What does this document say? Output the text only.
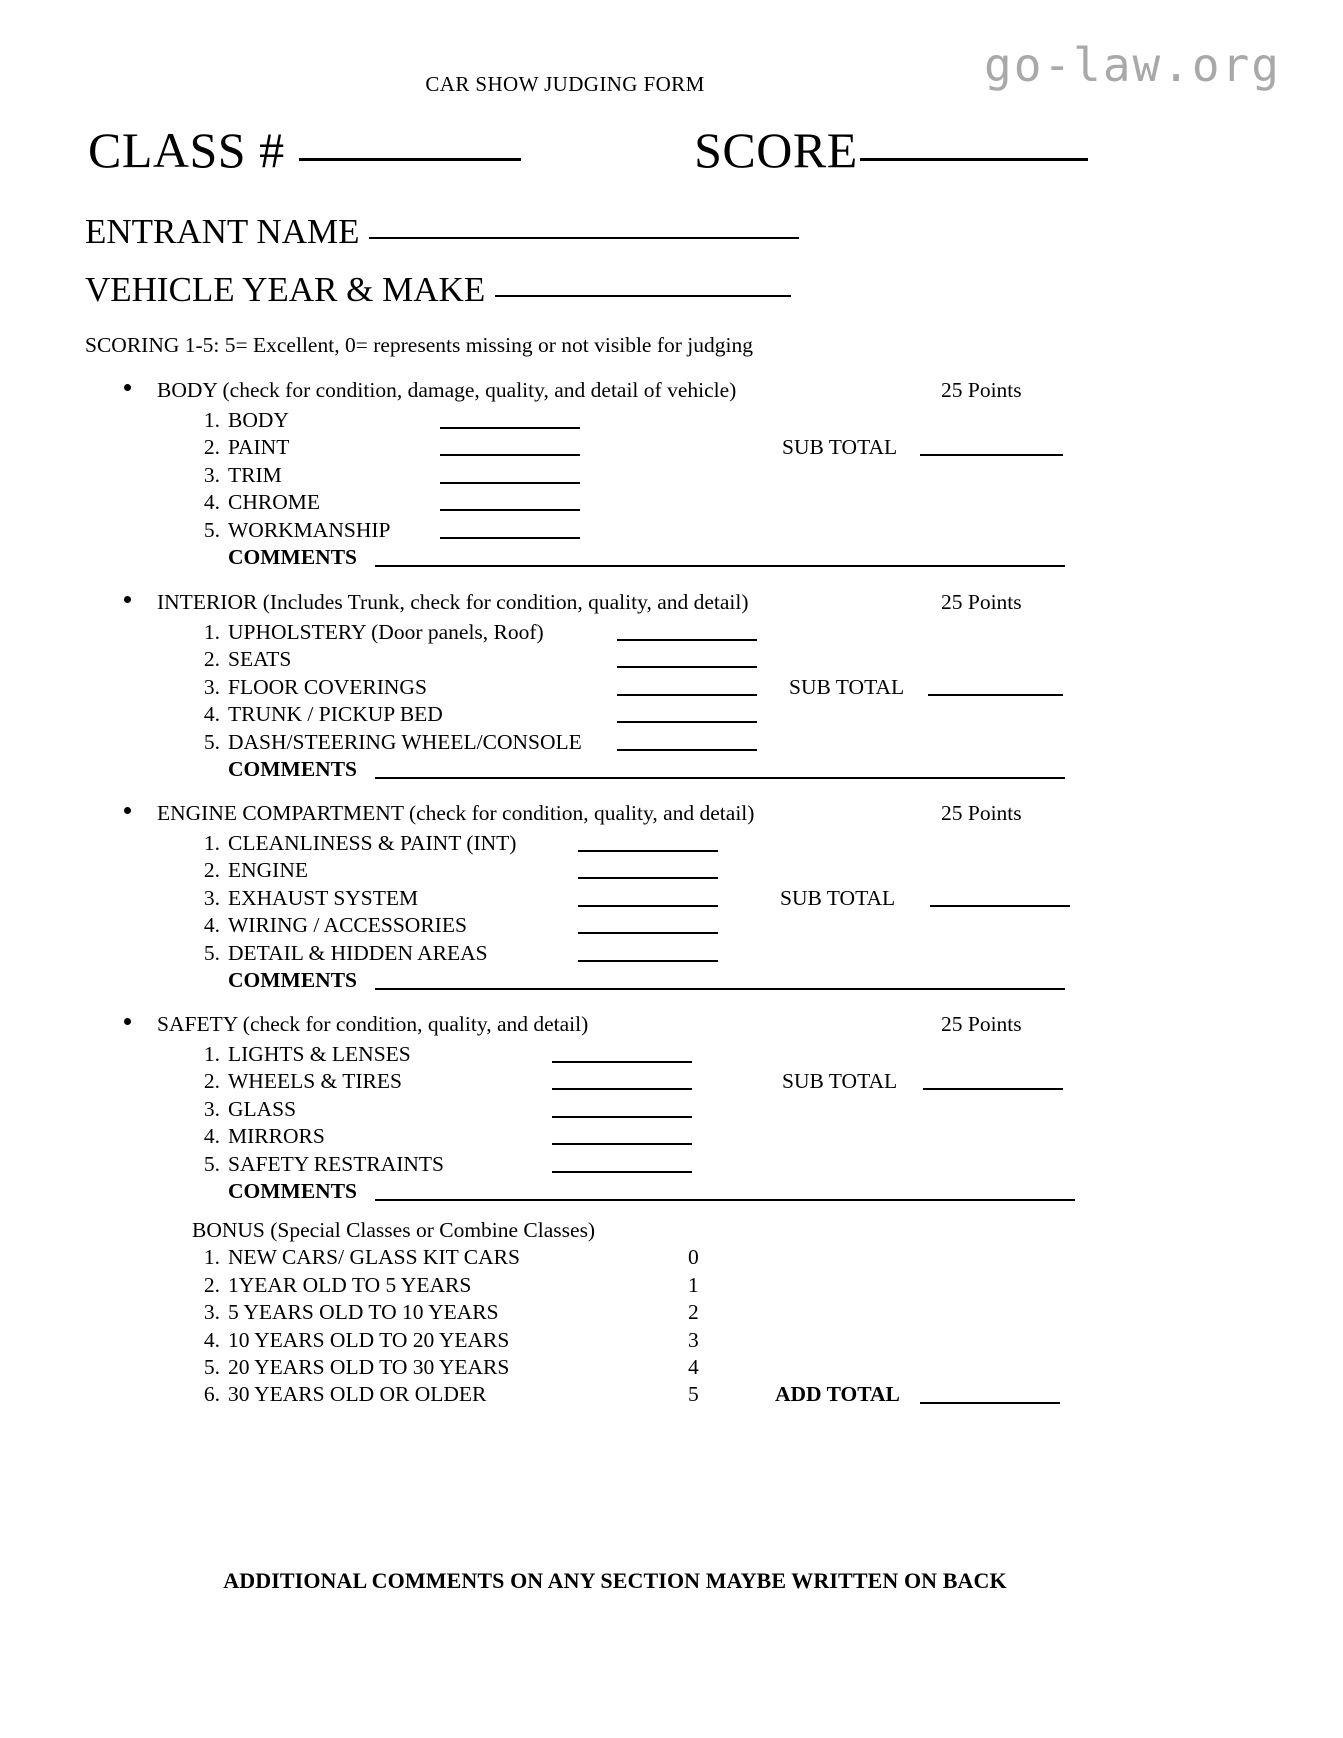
go-law.org
CAR SHOW JUDGING FORM
CLASS #	SCORE
ENTRANT NAME
VEHICLE YEAR & MAKE
SCORING 1-5: 5= Excellent, 0= represents missing or not visible for judging
BODY (check for condition, damage, quality, and detail of vehicle)	25 Points
1. BODY
2. PAINT	SUB TOTAL
3. TRIM
4. CHROME
5. WORKMANSHIP
COMMENTS
INTERIOR (Includes Trunk, check for condition, quality, and detail)	25 Points
1. UPHOLSTERY (Door panels, Roof)
2. SEATS
3. FLOOR COVERINGS	SUB TOTAL
4. TRUNK / PICKUP BED
5. DASH/STEERING WHEEL/CONSOLE
COMMENTS
ENGINE COMPARTMENT (check for condition, quality, and detail)	25 Points
1. CLEANLINESS & PAINT (INT)
2. ENGINE
3. EXHAUST SYSTEM	SUB TOTAL
4. WIRING / ACCESSORIES
5. DETAIL & HIDDEN AREAS
COMMENTS
SAFETY (check for condition, quality, and detail)	25 Points
1. LIGHTS & LENSES
2. WHEELS & TIRES	SUB TOTAL
3. GLASS
4. MIRRORS
5. SAFETY RESTRAINTS
COMMENTS
BONUS (Special Classes or Combine Classes)
1. NEW CARS/ GLASS KIT CARS	0
2. 1YEAR OLD TO 5 YEARS	1
3. 5 YEARS OLD TO 10 YEARS	2
4. 10 YEARS OLD TO 20 YEARS	3
5. 20 YEARS OLD TO 30 YEARS	4
6. 30 YEARS OLD OR OLDER	5	ADD TOTAL
ADDITIONAL COMMENTS ON ANY SECTION MAYBE WRITTEN ON BACK
